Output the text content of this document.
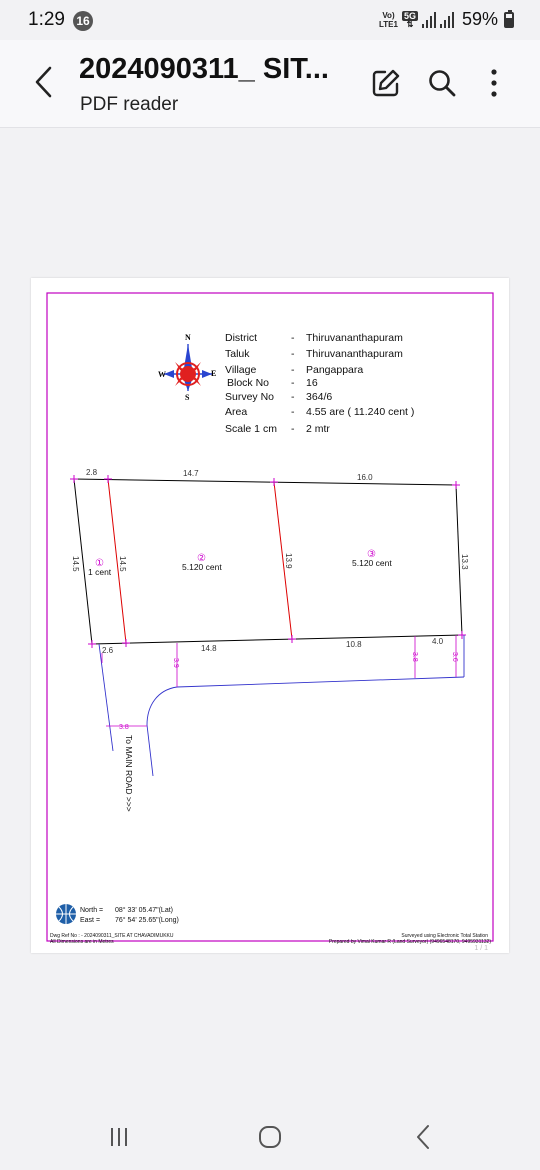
1:29 16	Vo)
LTE1
5G
⇅	59%
2024090311_ SIT...
PDF reader
N
S
W	E
District	- Thiruvananthapuram
Taluk	- Thiruvananthapuram
Village	- Pangappara
Block No - 16
Survey No - 364/6
Area	- 4.55 are ( 11.240 cent )
Scale 1 cm - 2 mtr
2.8	14.7	16.0
2.6	14.8	10.8	4.0
14.5	14.5	13.9	13.3
3.9
3.8
3.8	3.6
①
1 cent
②
5.120 cent
③
5.120 cent
To MAIN ROAD >>>
North = 08° 33' 05.47"(Lat)
East = 76° 54' 25.65"(Long)
Dwg Ref No : - 2024090311_SITE AT CHAVADIMUKKU
All Dimensions are in Metres
Surveyed using Electronic Total Station
Prepared by Vimal Kumar R (Land Surveyor) (9496548170, 9495931132)
1 / 1
